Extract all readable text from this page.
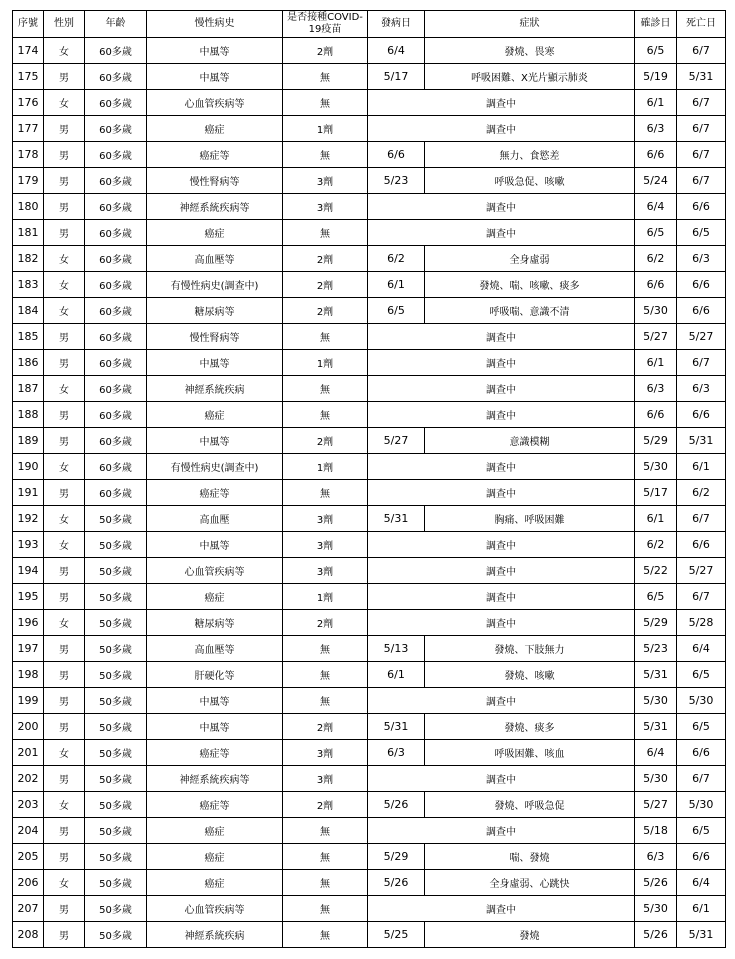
序號	性別	年齡	慢性病史	是否接種COVID-19疫苗	發病日	症狀	確診日	死亡日
174	女	60多歲	中風等	2劑	6/4	發燒、畏寒	6/5	6/7
175	男	60多歲	中風等	無	5/17	呼吸困難、X光片顯示肺炎	5/19	5/31
176	女	60多歲	心血管疾病等	無	調查中		6/1	6/7
177	男	60多歲	癌症	1劑	調查中		6/3	6/7
178	男	60多歲	癌症等	無	6/6	無力、食慾差	6/6	6/7
179	男	60多歲	慢性腎病等	3劑	5/23	呼吸急促、咳嗽	5/24	6/7
180	男	60多歲	神經系統疾病等	3劑	調查中		6/4	6/6
181	男	60多歲	癌症	無	調查中		6/5	6/5
182	女	60多歲	高血壓等	2劑	6/2	全身虛弱	6/2	6/3
183	女	60多歲	有慢性病史(調查中)	2劑	6/1	發燒、喘、咳嗽、痰多	6/6	6/6
184	女	60多歲	糖尿病等	2劑	6/5	呼吸喘、意識不清	5/30	6/6
185	男	60多歲	慢性腎病等	無	調查中		5/27	5/27
186	男	60多歲	中風等	1劑	調查中		6/1	6/7
187	女	60多歲	神經系統疾病	無	調查中		6/3	6/3
188	男	60多歲	癌症	無	調查中		6/6	6/6
189	男	60多歲	中風等	2劑	5/27	意識模糊	5/29	5/31
190	女	60多歲	有慢性病史(調查中)	1劑	調查中		5/30	6/1
191	男	60多歲	癌症等	無	調查中		5/17	6/2
192	女	50多歲	高血壓	3劑	5/31	胸痛、呼吸困難	6/1	6/7
193	女	50多歲	中風等	3劑	調查中		6/2	6/6
194	男	50多歲	心血管疾病等	3劑	調查中		5/22	5/27
195	男	50多歲	癌症	1劑	調查中		6/5	6/7
196	女	50多歲	糖尿病等	2劑	調查中		5/29	5/28
197	男	50多歲	高血壓等	無	5/13	發燒、下肢無力	5/23	6/4
198	男	50多歲	肝硬化等	無	6/1	發燒、咳嗽	5/31	6/5
199	男	50多歲	中風等	無	調查中		5/30	5/30
200	男	50多歲	中風等	2劑	5/31	發燒、痰多	5/31	6/5
201	女	50多歲	癌症等	3劑	6/3	呼吸困難、咳血	6/4	6/6
202	男	50多歲	神經系統疾病等	3劑	調查中		5/30	6/7
203	女	50多歲	癌症等	2劑	5/26	發燒、呼吸急促	5/27	5/30
204	男	50多歲	癌症	無	調查中		5/18	6/5
205	男	50多歲	癌症	無	5/29	喘、發燒	6/3	6/6
206	女	50多歲	癌症	無	5/26	全身虛弱、心跳快	5/26	6/4
207	男	50多歲	心血管疾病等	無	調查中		5/30	6/1
208	男	50多歲	神經系統疾病	無	5/25	發燒	5/26	5/31
